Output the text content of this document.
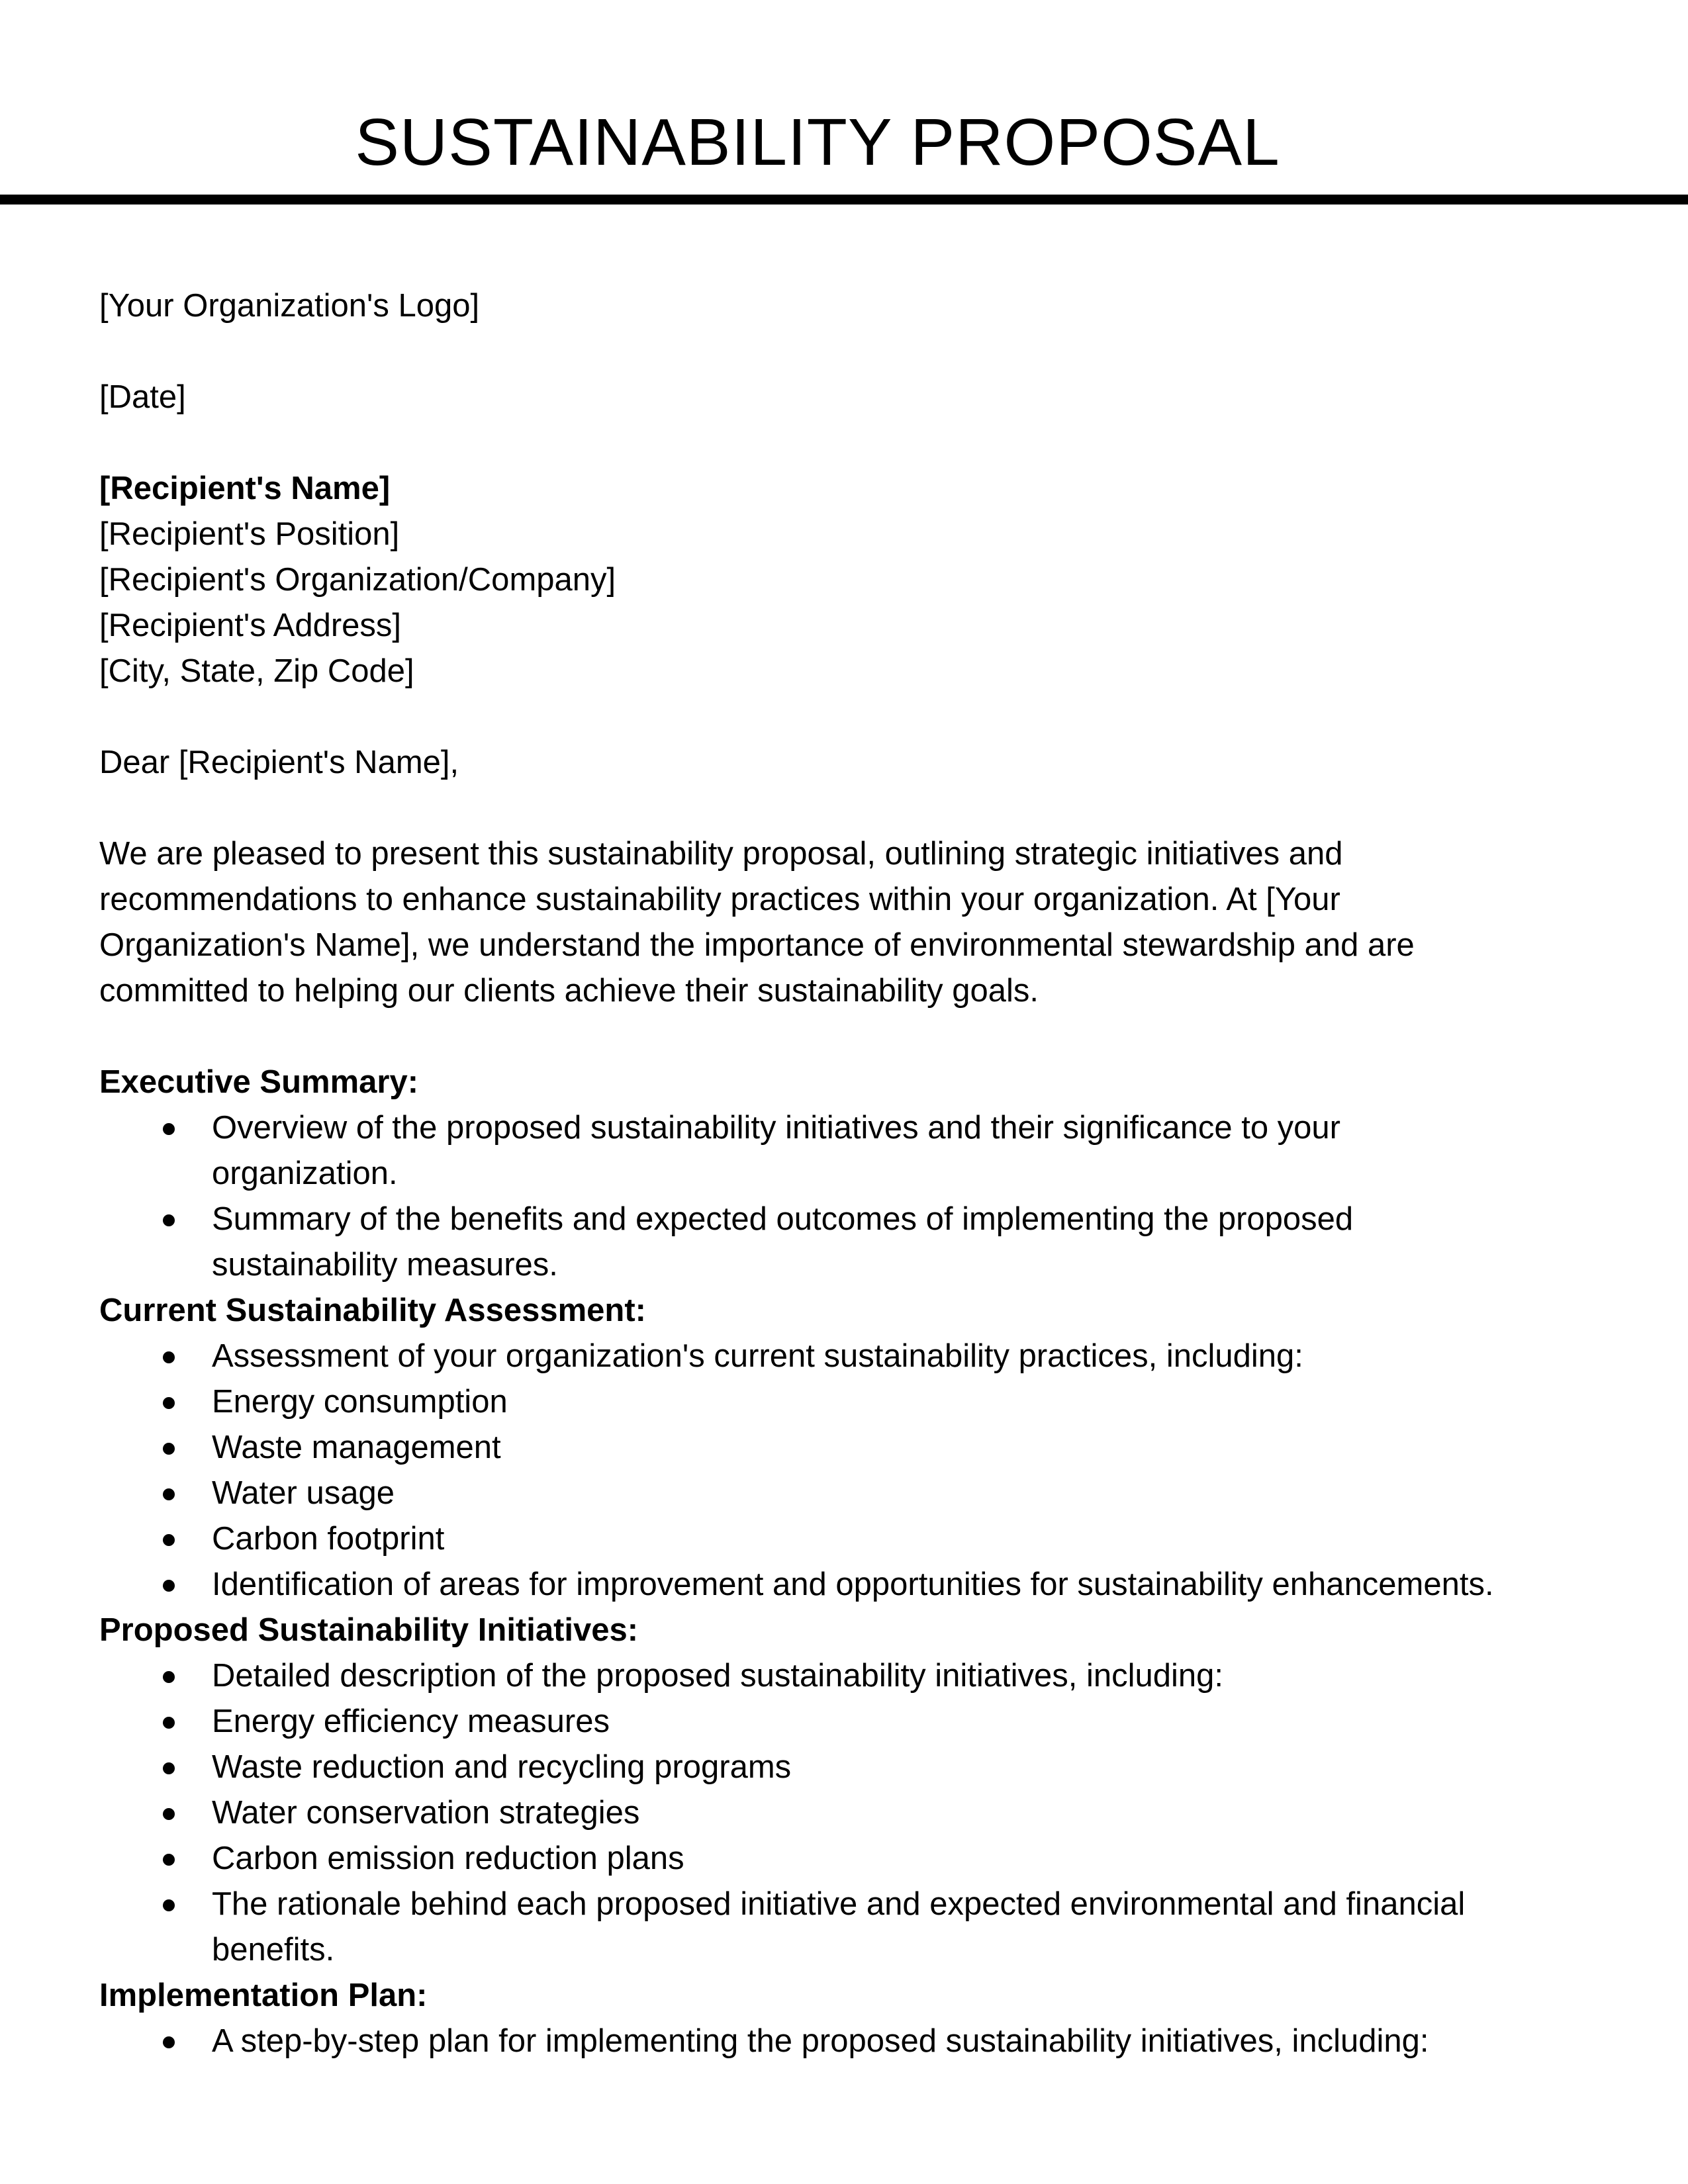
SUSTAINABILITY PROPOSAL

[Your Organization's Logo]

[Date]

[Recipient's Name]

[Recipient's Position]

[Recipient's Organization/Company]

[Recipient's Address]

[City, State, Zip Code]

Dear [Recipient's Name],

We are pleased to present this sustainability proposal, outlining strategic initiatives and

recommendations to enhance sustainability practices within your organization. At [Your

Organization's Name], we understand the importance of environmental stewardship and are

committed to helping our clients achieve their sustainability goals.

Executive Summary:

Overview of the proposed sustainability initiatives and their significance to your
organization.
Summary of the benefits and expected outcomes of implementing the proposed
sustainability measures.

Current Sustainability Assessment:

Assessment of your organization's current sustainability practices, including:
Energy consumption
Waste management
Water usage
Carbon footprint
Identification of areas for improvement and opportunities for sustainability enhancements.

Proposed Sustainability Initiatives:

Detailed description of the proposed sustainability initiatives, including:
Energy efficiency measures
Waste reduction and recycling programs
Water conservation strategies
Carbon emission reduction plans
The rationale behind each proposed initiative and expected environmental and financial
benefits.

Implementation Plan:

A step-by-step plan for implementing the proposed sustainability initiatives, including:
